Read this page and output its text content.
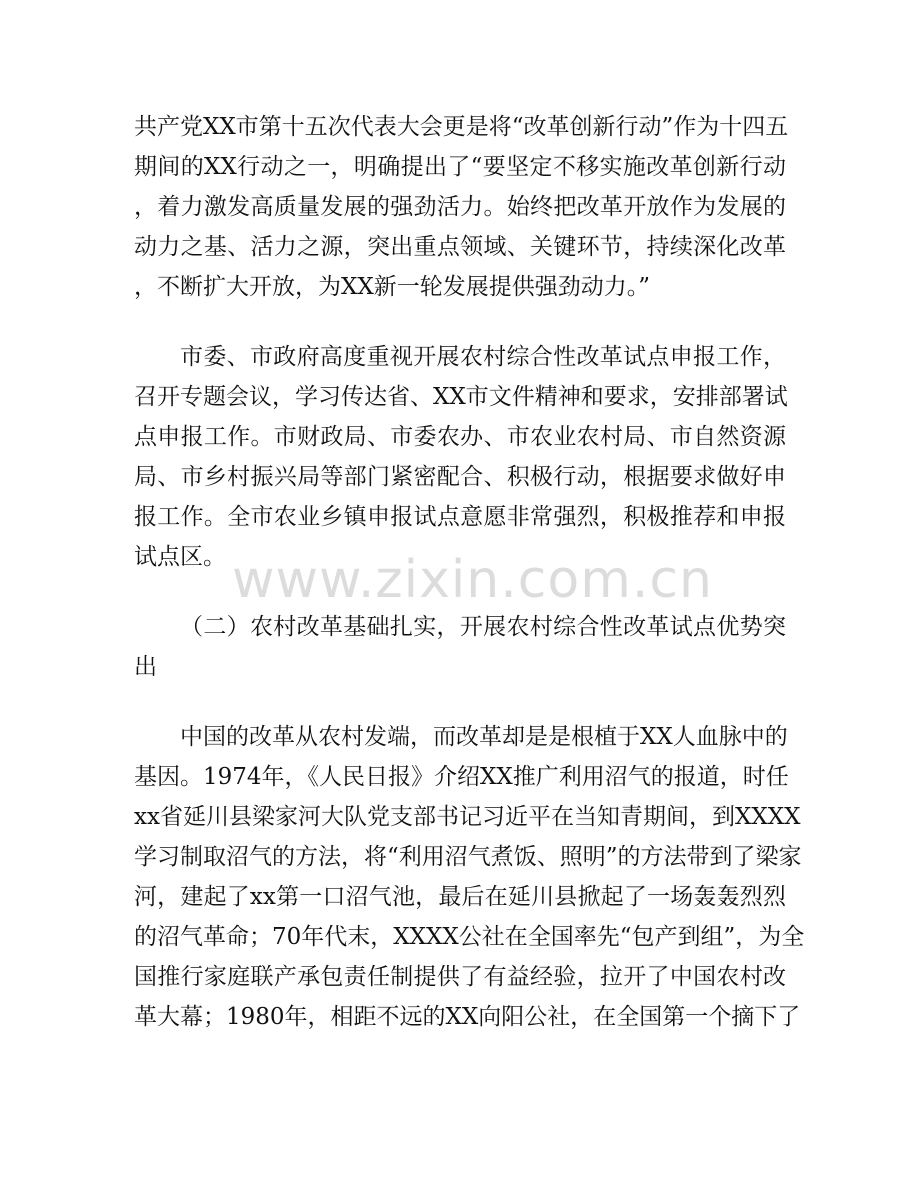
www.zixin.com.cn
共产党XX市第十五次代表大会更是将“改革创新行动”作为十四五
期间的XX行动之一，明确提出了“要坚定不移实施改革创新行动
，着力激发高质量发展的强劲活力。始终把改革开放作为发展的
动力之基、活力之源，突出重点领域、关键环节，持续深化改革
，不断扩大开放，为XX新一轮发展提供强劲动力。”
市委、市政府高度重视开展农村综合性改革试点申报工作，
召开专题会议，学习传达省、XX市文件精神和要求，安排部署试
点申报工作。市财政局、市委农办、市农业农村局、市自然资源
局、市乡村振兴局等部门紧密配合、积极行动，根据要求做好申
报工作。全市农业乡镇申报试点意愿非常强烈，积极推荐和申报
试点区。
（二）农村改革基础扎实，开展农村综合性改革试点优势突
出
中国的改革从农村发端，而改革却是是根植于XX人血脉中的
基因。1974年，《人民日报》介绍XX推广利用沼气的报道，时任
xx省延川县梁家河大队党支部书记习近平在当知青期间，到XXXX
学习制取沼气的方法，将“利用沼气煮饭、照明”的方法带到了梁家
河，建起了xx第一口沼气池，最后在延川县掀起了一场轰轰烈烈
的沼气革命；70年代末，XXXX公社在全国率先“包产到组”，为全
国推行家庭联产承包责任制提供了有益经验，拉开了中国农村改
革大幕；1980年，相距不远的XX向阳公社，在全国第一个摘下了
